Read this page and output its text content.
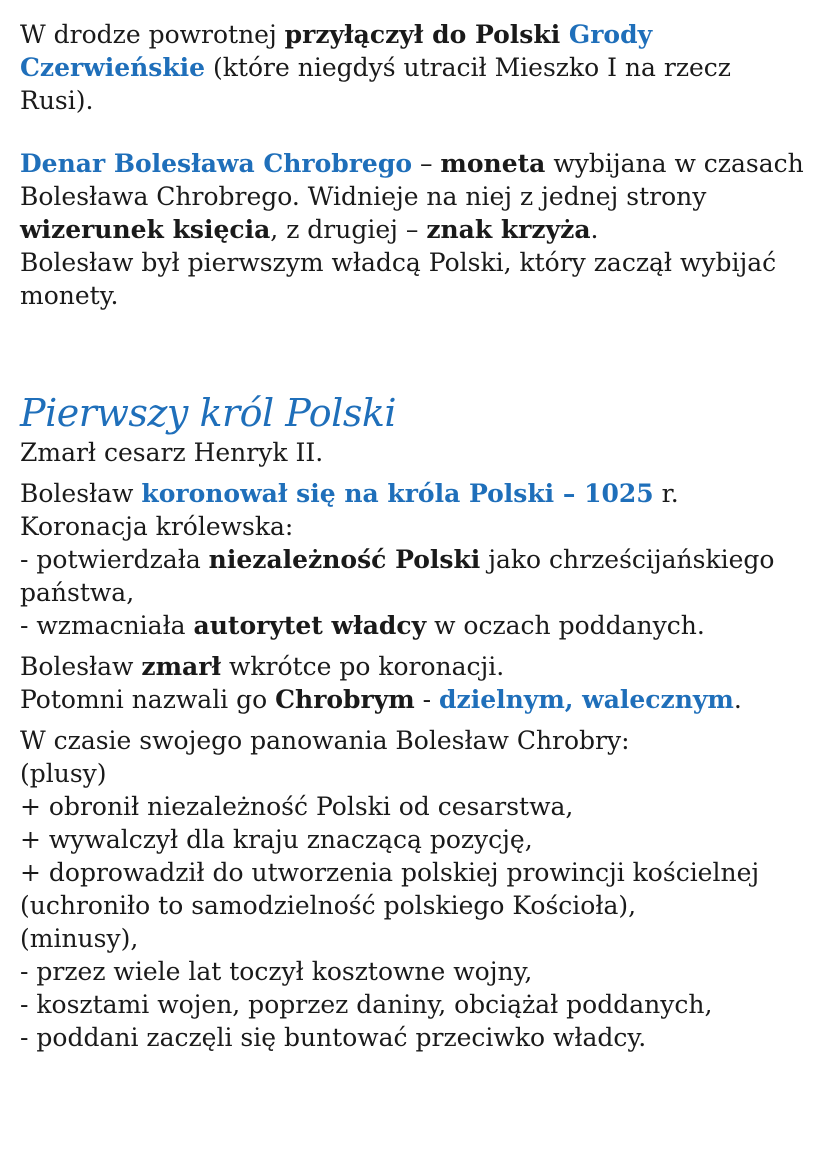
W drodze powrotnej przyłączył do Polski Grody Czerwieńskie (które niegdyś utracił Mieszko I na rzecz Rusi).

Denar Bolesława Chrobrego – moneta wybijana w czasach Bolesława Chrobrego. Widnieje na niej z jednej strony wizerunek księcia, z drugiej – znak krzyża.
Bolesław był pierwszym władcą Polski, który zaczął wybijać monety.

Pierwszy król Polski

Zmarł cesarz Henryk II.

Bolesław koronował się na króla Polski – 1025 r.
Koronacja królewska:
- potwierdzała niezależność Polski jako chrześcijańskiego państwa,
- wzmacniała autorytet władcy w oczach poddanych.

Bolesław zmarł wkrótce po koronacji.
Potomni nazwali go Chrobrym - dzielnym, walecznym.

W czasie swojego panowania Bolesław Chrobry:
(plusy)
+ obronił niezależność Polski od cesarstwa,
+ wywalczył dla kraju znaczącą pozycję,
+ doprowadził do utworzenia polskiej prowincji kościelnej (uchroniło to samodzielność polskiego Kościoła),
(minusy),
- przez wiele lat toczył kosztowne wojny,
- kosztami wojen, poprzez daniny, obciążał poddanych,
- poddani zaczęli się buntować przeciwko władcy.
